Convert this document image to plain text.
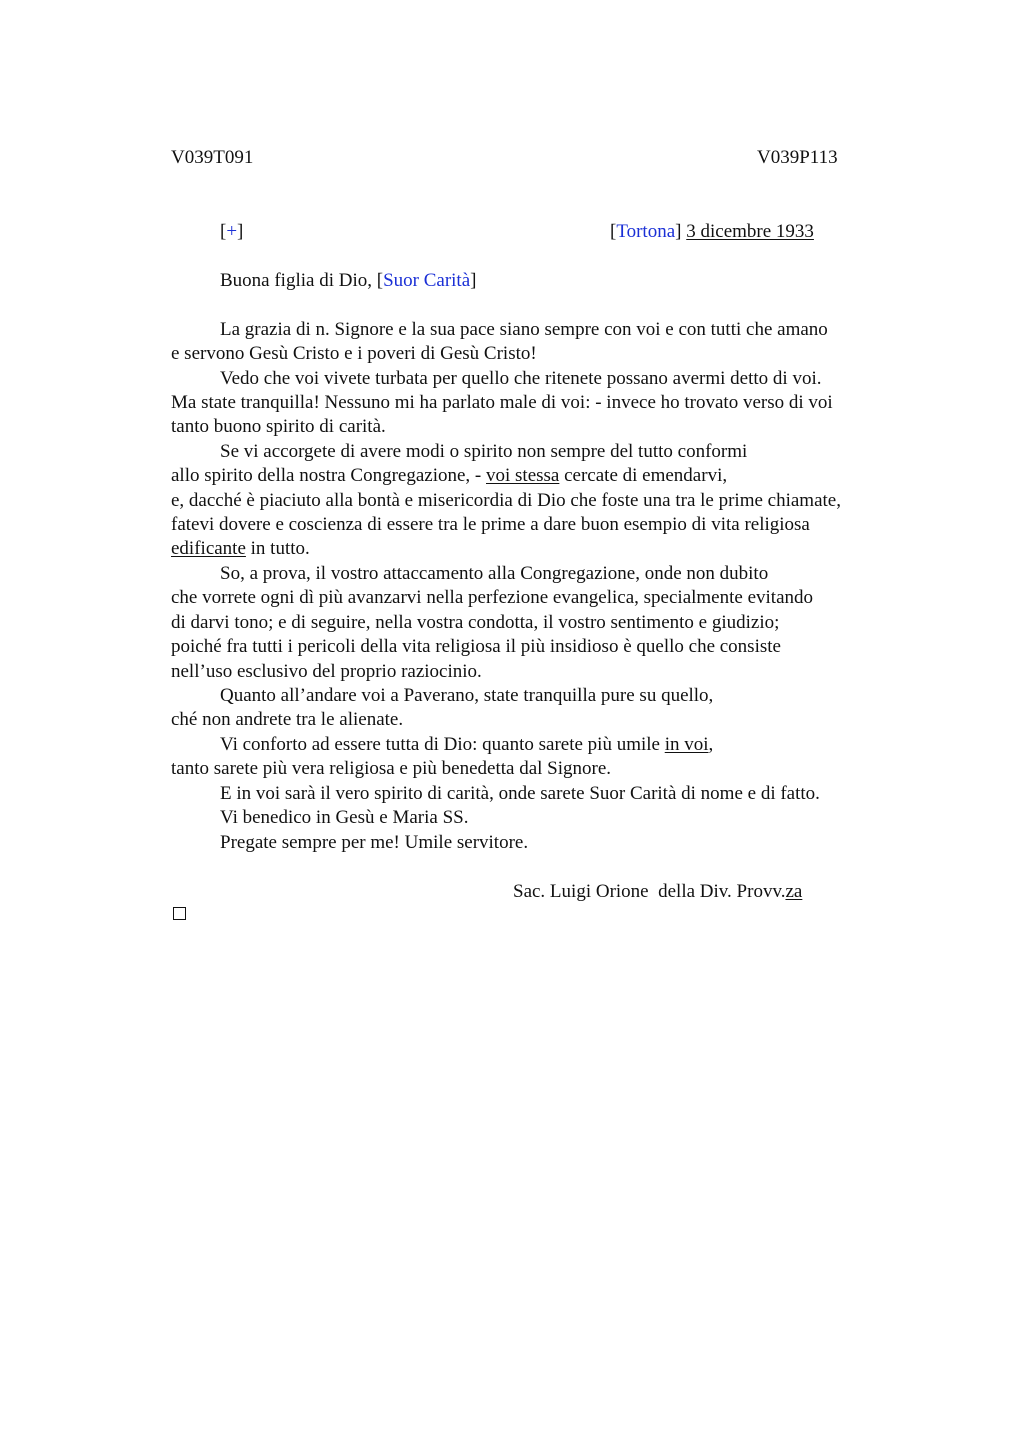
V039T091	V039P113
[+]	[Tortona] 3 dicembre 1933
Buona figlia di Dio, [Suor Carità]
La grazia di n. Signore e la sua pace siano sempre con voi e con tutti che amano
e servono Gesù Cristo e i poveri di Gesù Cristo!
Vedo che voi vivete turbata per quello che ritenete possano avermi detto di voi.
Ma state tranquilla! Nessuno mi ha parlato male di voi: - invece ho trovato verso di voi
tanto buono spirito di carità.
Se vi accorgete di avere modi o spirito non sempre del tutto conformi
allo spirito della nostra Congregazione, - voi stessa cercate di emendarvi,
e, dacché è piaciuto alla bontà e misericordia di Dio che foste una tra le prime chiamate,
fatevi dovere e coscienza di essere tra le prime a dare buon esempio di vita religiosa
edificante in tutto.
So, a prova, il vostro attaccamento alla Congregazione, onde non dubito
che vorrete ogni dì più avanzarvi nella perfezione evangelica, specialmente evitando
di darvi tono; e di seguire, nella vostra condotta, il vostro sentimento e giudizio;
poiché fra tutti i pericoli della vita religiosa il più insidioso è quello che consiste
nell’uso esclusivo del proprio raziocinio.
Quanto all’andare voi a Paverano, state tranquilla pure su quello,
ché non andrete tra le alienate.
Vi conforto ad essere tutta di Dio: quanto sarete più umile in voi,
tanto sarete più vera religiosa e più benedetta dal Signore.
E in voi sarà il vero spirito di carità, onde sarete Suor Carità di nome e di fatto.
Vi benedico in Gesù e Maria SS.
Pregate sempre per me! Umile servitore.
Sac. Luigi Orione  della Div. Provv.za
